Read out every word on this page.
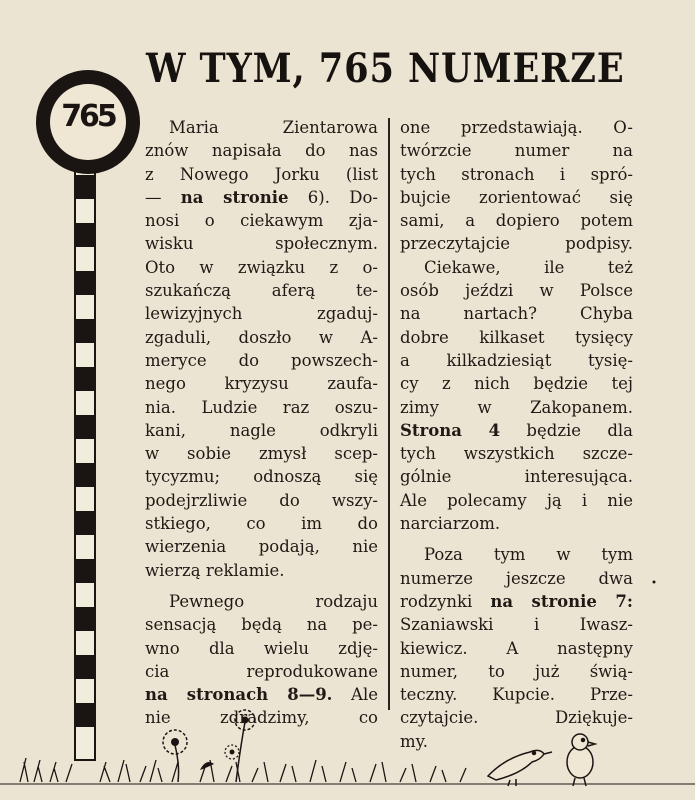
765
W TYM, 765 NUMERZE
Maria Zientarowa
znów napisała do nas
z Nowego Jorku (list
— na stronie 6). Do-
nosi o ciekawym zja-
wisku społecznym.
Oto w związku z o-
szukańczą aferą te-
lewizyjnych zgaduj-
zgaduli, doszło w A-
meryce do powszech-
nego kryzysu zaufa-
nia. Ludzie raz oszu-
kani, nagle odkryli
w sobie zmysł scep-
tycyzmu; odnoszą się
podejrzliwie do wszy-
stkiego, co im do
wierzenia podają, nie
wierzą reklamie.
Pewnego rodzaju
sensacją będą na pe-
wno dla wielu zdję-
cia reprodukowane
na stronach 8—9. Ale
nie zdradzimy, co
one przedstawiają. O-
twórzcie numer na
tych stronach i spró-
bujcie zorientować się
sami, a dopiero potem
przeczytajcie podpisy.
Ciekawe, ile też
osób jeździ w Polsce
na nartach? Chyba
dobre kilkaset tysięcy
a kilkadziesiąt tysię-
cy z nich będzie tej
zimy w Zakopanem.
Strona 4 będzie dla
tych wszystkich szcze-
gólnie interesująca.
Ale polecamy ją i nie
narciarzom.
Poza tym w tym
numerze jeszcze dwa
rodzynki na stronie 7:
Szaniawski i Iwasz-
kiewicz. A następny
numer, to już świą-
teczny. Kupcie. Prze-
czytajcie. Dziękuje-
my.
